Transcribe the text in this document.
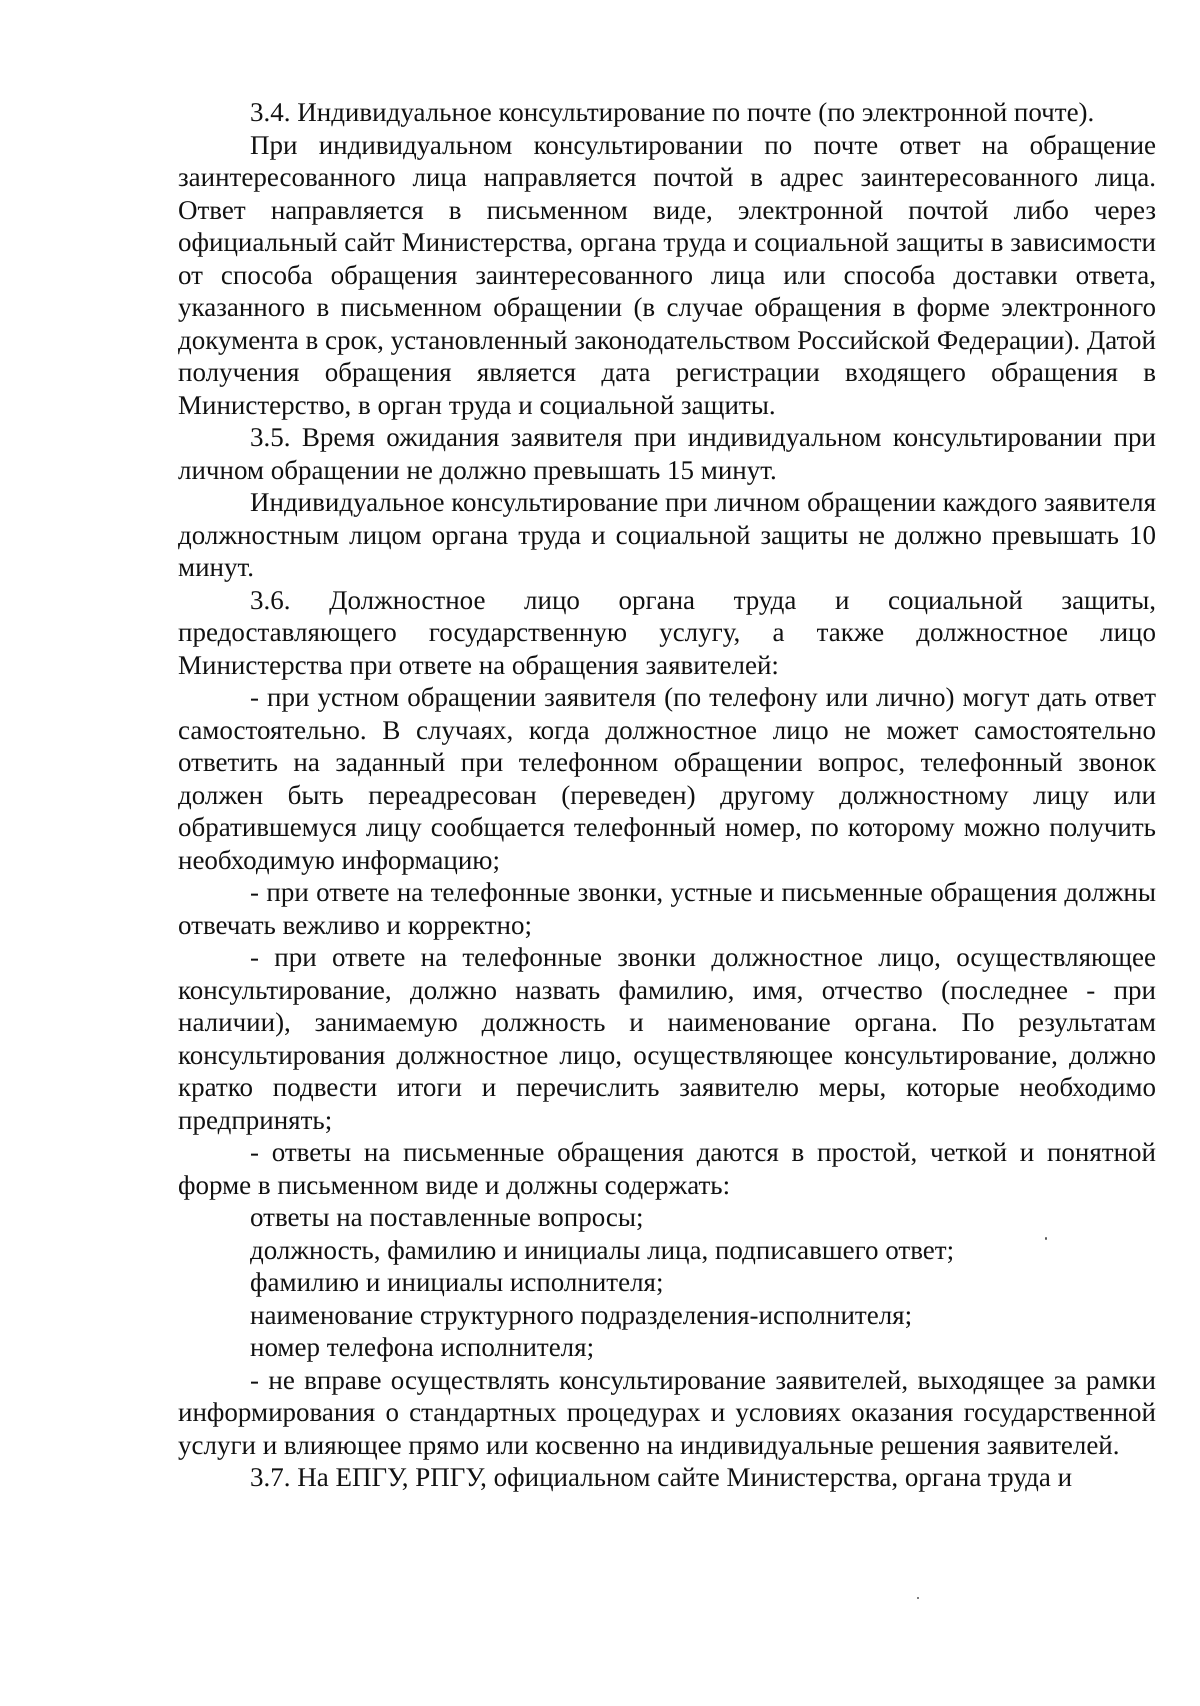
3.4. Индивидуальное консультирование по почте (по электронной почте).

При индивидуальном консультировании по почте ответ на обращение заинтересованного лица направляется почтой в адрес заинтересованного лица. Ответ направляется в письменном виде, электронной почтой либо через официальный сайт Министерства, органа труда и социальной защиты в зависимости от способа обращения заинтересованного лица или способа доставки ответа, указанного в письменном обращении (в случае обращения в форме электронного документа в срок, установленный законодательством Российской Федерации). Датой получения обращения является дата регистрации входящего обращения в Министерство, в орган труда и социальной защиты.

3.5. Время ожидания заявителя при индивидуальном консультировании при личном обращении не должно превышать 15 минут.

Индивидуальное консультирование при личном обращении каждого заявителя должностным лицом органа труда и социальной защиты не должно превышать 10 минут.

3.6. Должностное лицо органа труда и социальной защиты, предоставляющего государственную услугу, а также должностное лицо Министерства при ответе на обращения заявителей:

- при устном обращении заявителя (по телефону или лично) могут дать ответ самостоятельно. В случаях, когда должностное лицо не может самостоятельно ответить на заданный при телефонном обращении вопрос, телефонный звонок должен быть переадресован (переведен) другому должностному лицу или обратившемуся лицу сообщается телефонный номер, по которому можно получить необходимую информацию;

- при ответе на телефонные звонки, устные и письменные обращения должны отвечать вежливо и корректно;

- при ответе на телефонные звонки должностное лицо, осуществляющее консультирование, должно назвать фамилию, имя, отчество (последнее - при наличии), занимаемую должность и наименование органа. По результатам консультирования должностное лицо, осуществляющее консультирование, должно кратко подвести итоги и перечислить заявителю меры, которые необходимо предпринять;

- ответы на письменные обращения даются в простой, четкой и понятной форме в письменном виде и должны содержать:

ответы на поставленные вопросы;

должность, фамилию и инициалы лица, подписавшего ответ;

фамилию и инициалы исполнителя;

наименование структурного подразделения-исполнителя;

номер телефона исполнителя;

- не вправе осуществлять консультирование заявителей, выходящее за рамки информирования о стандартных процедурах и условиях оказания государственной услуги и влияющее прямо или косвенно на индивидуальные решения заявителей.

3.7. На ЕПГУ, РПГУ, официальном сайте Министерства, органа труда и
